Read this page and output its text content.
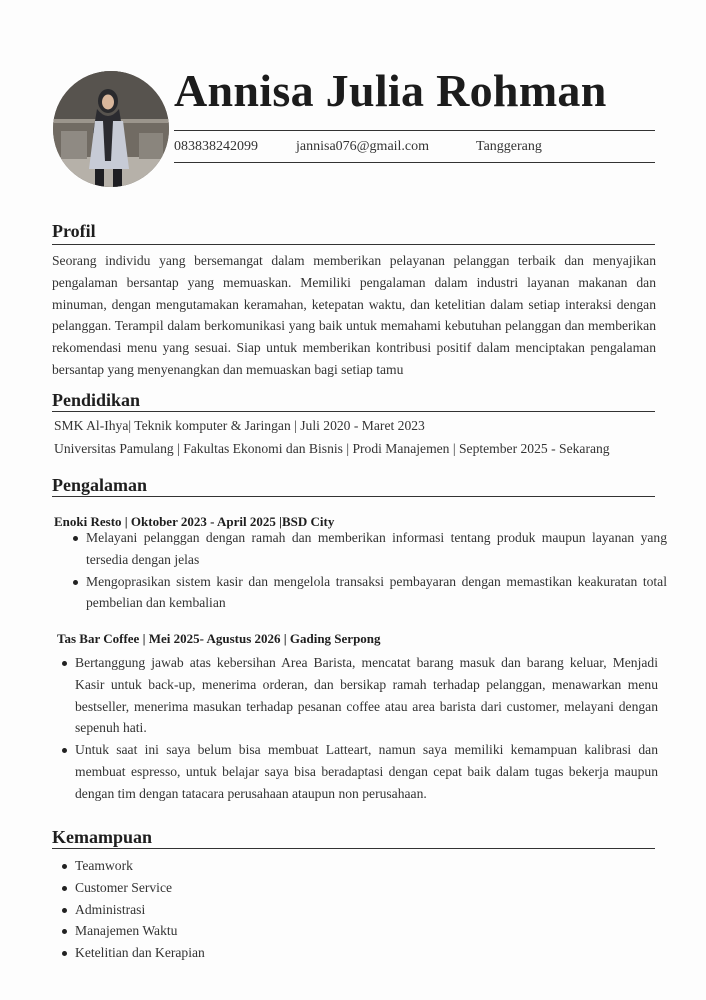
Annisa Julia Rohman
083838242099	jannisa076@gmail.com	Tanggerang
Profil
Seorang individu yang bersemangat dalam memberikan pelayanan pelanggan terbaik dan menyajikan pengalaman bersantap yang memuaskan. Memiliki pengalaman dalam industri layanan makanan dan minuman, dengan mengutamakan keramahan, ketepatan waktu, dan ketelitian dalam setiap interaksi dengan pelanggan. Terampil dalam berkomunikasi yang baik untuk memahami kebutuhan pelanggan dan memberikan rekomendasi menu yang sesuai. Siap untuk memberikan kontribusi positif dalam menciptakan pengalaman bersantap yang menyenangkan dan memuaskan bagi setiap tamu
Pendidikan
SMK Al-Ihya| Teknik komputer & Jaringan | Juli 2020 - Maret 2023
Universitas Pamulang | Fakultas Ekonomi dan Bisnis | Prodi Manajemen | September 2025 - Sekarang
Pengalaman
Enoki Resto | Oktober 2023 - April 2025 |BSD City
Melayani pelanggan dengan ramah dan memberikan informasi tentang produk maupun layanan yang tersedia dengan jelas
Mengoprasikan sistem kasir dan mengelola transaksi pembayaran dengan memastikan keakuratan total pembelian dan kembalian
Tas Bar Coffee | Mei 2025- Agustus 2026 | Gading Serpong
Bertanggung jawab atas kebersihan Area Barista, mencatat barang masuk dan barang keluar, Menjadi Kasir untuk back-up, menerima orderan, dan bersikap ramah terhadap pelanggan, menawarkan menu bestseller, menerima masukan terhadap pesanan coffee atau area barista dari customer, melayani dengan sepenuh hati.
Untuk saat ini saya belum bisa membuat Latteart, namun saya memiliki kemampuan kalibrasi dan membuat espresso, untuk belajar saya bisa beradaptasi dengan cepat baik dalam tugas bekerja maupun dengan tim dengan tatacara perusahaan ataupun non perusahaan.
Kemampuan
Teamwork
Customer Service
Administrasi
Manajemen Waktu
Ketelitian dan Kerapian
